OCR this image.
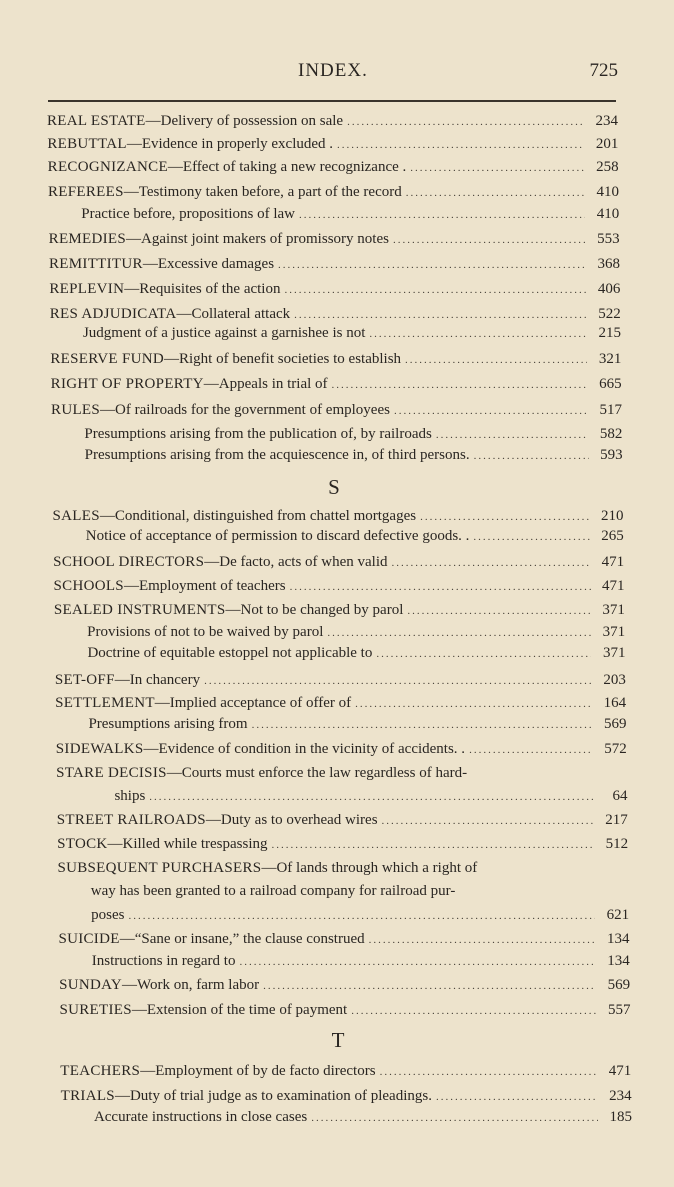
INDEX.	725
REAL ESTATE—Delivery of possession on sale .....	234
REBUTTAL—Evidence in properly excluded . .....	201
RECOGNIZANCE—Effect of taking a new recognizance . .....	258
REFEREES—Testimony taken before, a part of the record .....	410
Practice before, propositions of law .....	410
REMEDIES—Against joint makers of promissory notes .....	553
REMITTITUR—Excessive damages .....	368
REPLEVIN—Requisites of the action .....	406
RES ADJUDICATA—Collateral attack .....	522
Judgment of a justice against a garnishee is not .....	215
RESERVE FUND—Right of benefit societies to establish .....	321
RIGHT OF PROPERTY—Appeals in trial of .....	665
RULES—Of railroads for the government of employees .....	517
Presumptions arising from the publication of, by railroads .....	582
Presumptions arising from the acquiescence in, of third persons. .....	593
S
SALES—Conditional, distinguished from chattel mortgages .....	210
Notice of acceptance of permission to discard defective goods. . .....	265
SCHOOL DIRECTORS—De facto, acts of when valid .....	471
SCHOOLS—Employment of teachers .....	471
SEALED INSTRUMENTS—Not to be changed by parol .....	371
Provisions of not to be waived by parol .....	371
Doctrine of equitable estoppel not applicable to .....	371
SET-OFF—In chancery .....	203
SETTLEMENT—Implied acceptance of offer of .....	164
Presumptions arising from .....	569
SIDEWALKS—Evidence of condition in the vicinity of accidents. . .....	572
STARE DECISIS—Courts must enforce the law regardless of hard-
ships .....	64
STREET RAILROADS—Duty as to overhead wires .....	217
STOCK—Killed while trespassing .....	512
SUBSEQUENT PURCHASERS—Of lands through which a right of
way has been granted to a railroad company for railroad pur-
poses .....	621
SUICIDE—“Sane or insane,” the clause construed .....	134
Instructions in regard to .....	134
SUNDAY—Work on, farm labor .....	569
SURETIES—Extension of the time of payment .....	557
T
TEACHERS—Employment of by de facto directors .....	471
TRIALS—Duty of trial judge as to examination of pleadings. .....	234
Accurate instructions in close cases .....	185
